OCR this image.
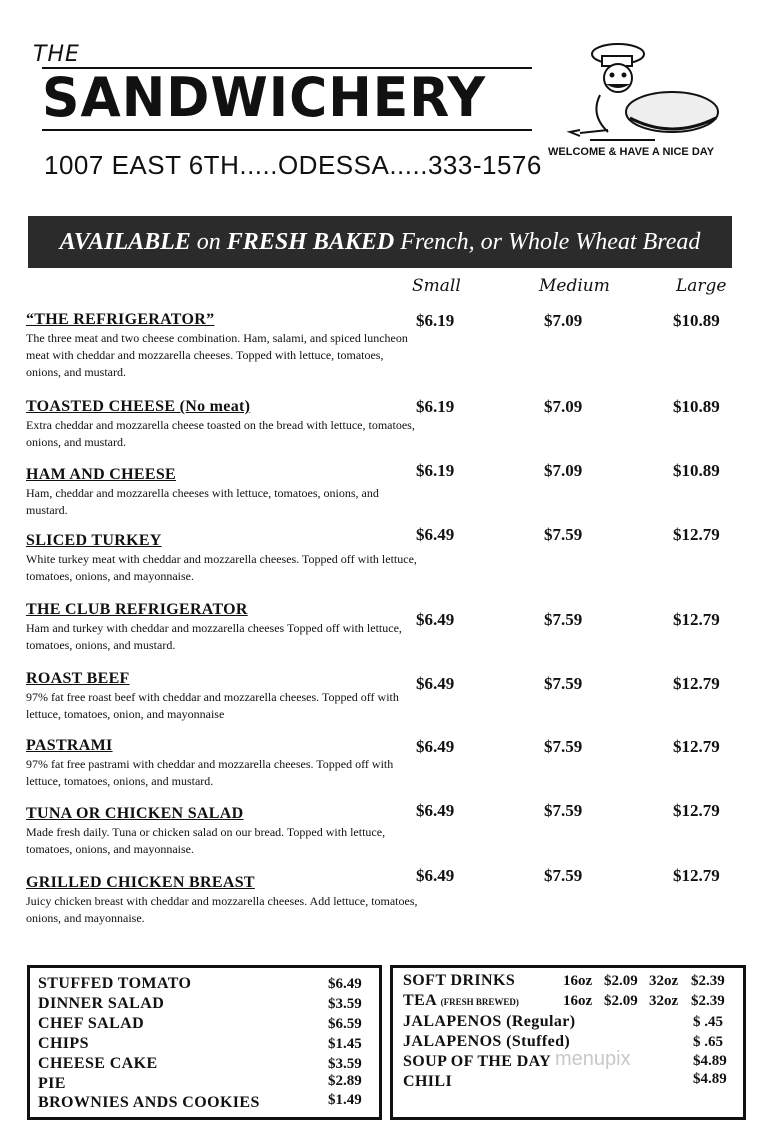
THE
SANDWICHERY
1007 EAST 6TH.....ODESSA.....333-1576 WELCOME & HAVE A NICE DAY
AVAILABLE on FRESH BAKED French, or Whole Wheat Bread
Small	Medium	Large
“THE REFRIGERATOR”
The three meat and two cheese combination. Ham, salami, and spiced luncheon meat with cheddar and mozzarella cheeses. Topped with lettuce, tomatoes, onions, and mustard.
$6.19	$7.09	$10.89
TOASTED CHEESE (No meat)
Extra cheddar and mozzarella cheese toasted on the bread with lettuce, tomatoes, onions, and mustard.
$6.19	$7.09	$10.89
HAM AND CHEESE
Ham, cheddar and mozzarella cheeses with lettuce, tomatoes, onions, and mustard.
$6.19	$7.09	$10.89
SLICED TURKEY
White turkey meat with cheddar and mozzarella cheeses. Topped off with lettuce, tomatoes, onions, and mayonnaise.
$6.49	$7.59	$12.79
THE CLUB REFRIGERATOR
Ham and turkey with cheddar and mozzarella cheeses Topped off with lettuce, tomatoes, onions, and mustard.
$6.49	$7.59	$12.79
ROAST BEEF
97% fat free roast beef with cheddar and mozzarella cheeses. Topped off with lettuce, tomatoes, onion, and mayonnaise
$6.49	$7.59	$12.79
PASTRAMI
97% fat free pastrami with cheddar and mozzarella cheeses. Topped off with lettuce, tomatoes, onions, and mustard.
$6.49	$7.59	$12.79
TUNA OR CHICKEN SALAD
Made fresh daily. Tuna or chicken salad on our bread. Topped with lettuce, tomatoes, onions, and mayonnaise.
$6.49	$7.59	$12.79
GRILLED CHICKEN BREAST
Juicy chicken breast with cheddar and mozzarella cheeses. Add lettuce, tomatoes, onions, and mayonnaise.
$6.49	$7.59	$12.79
STUFFED TOMATO	$6.49
DINNER SALAD	$3.59
CHEF SALAD	$6.59
CHIPS	$1.45
CHEESE CAKE	$3.59
PIE	$2.89
BROWNIES ANDS COOKIES	$1.49
SOFT DRINKS	16oz $2.09 32oz $2.39
TEA (FRESH BREWED)	16oz $2.09 32oz $2.39
JALAPENOS (Regular)	$ .45
JALAPENOS (Stuffed)	$ .65
SOUP OF THE DAY	$4.89
CHILI	$4.89
menupix
